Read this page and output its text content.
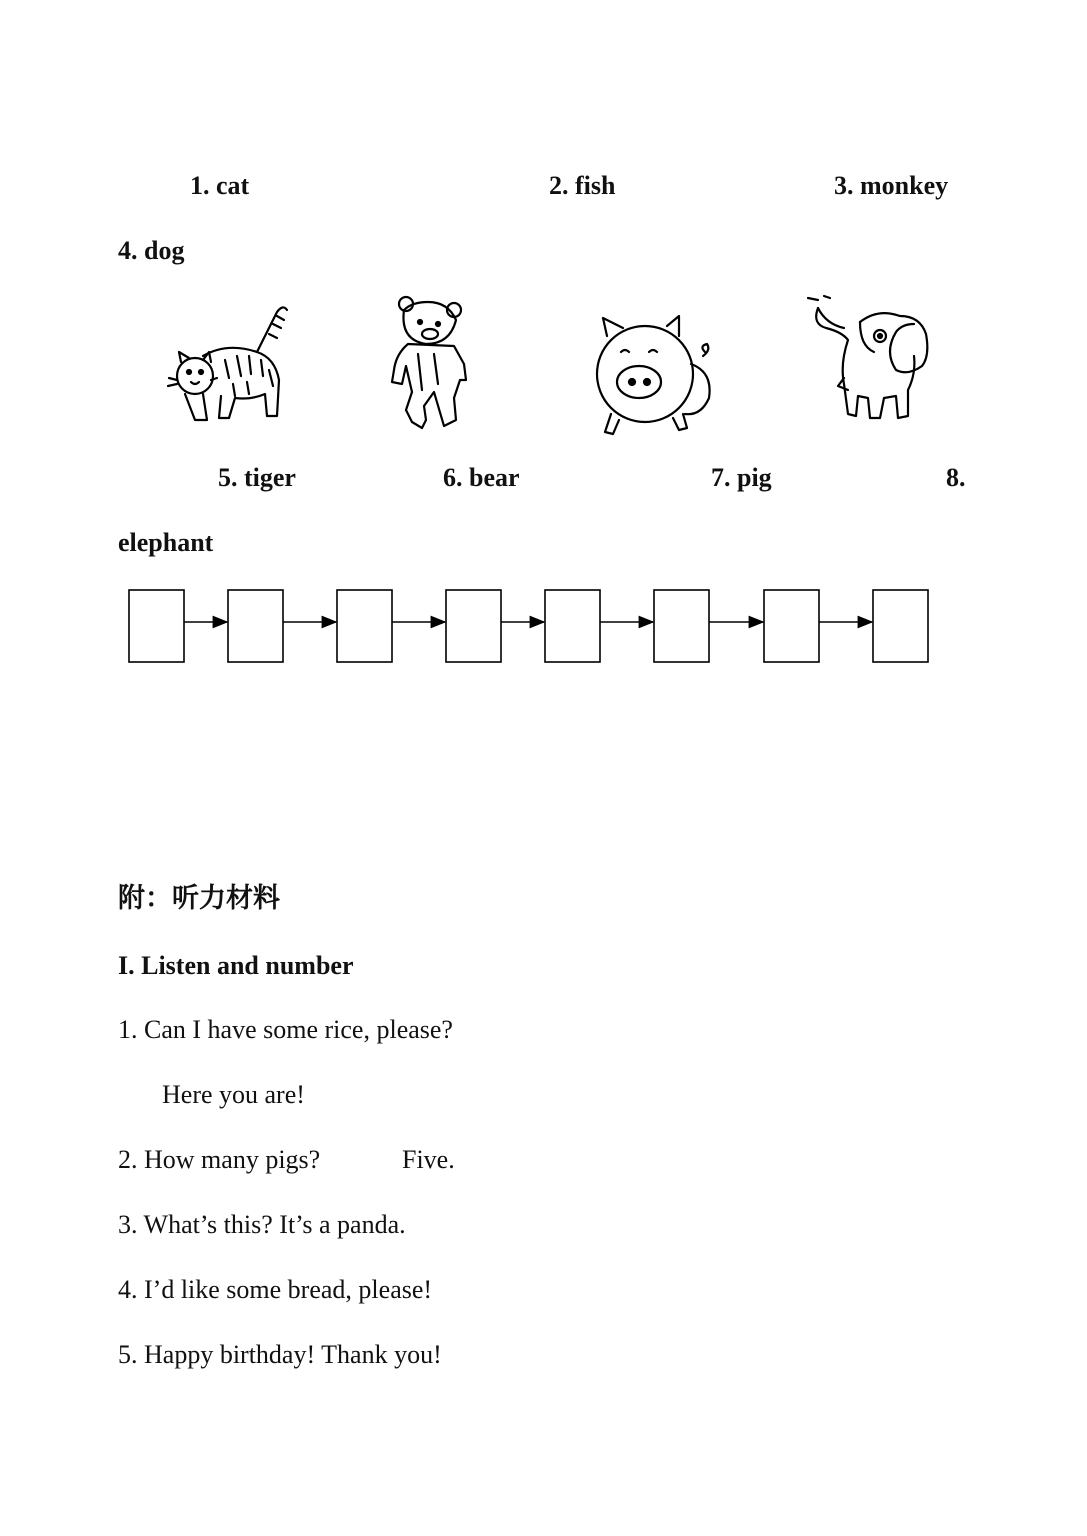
1. cat	2. fish	3. monkey
4. dog
5. tiger	6. bear	7. pig	8.
elephant
附：听力材料
I. Listen and number
1. Can I have some rice, please?
Here you are!
2. How many pigs?	Five.
3. What’s this? It’s a panda.
4. I’d like some bread, please!
5. Happy birthday! Thank you!
